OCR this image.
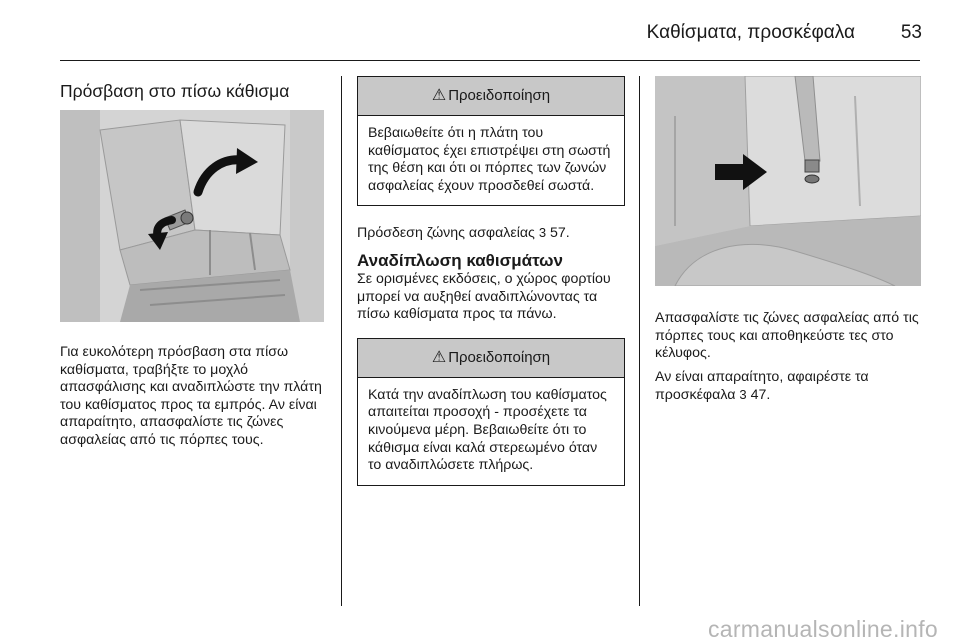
Καθίσματα, προσκέφαλα 53
Πρόσβαση στο πίσω κάθισμα

Για ευκολότερη πρόσβαση στα πίσω καθίσματα, τραβήξτε το μοχλό απασφάλισης και αναδιπλώστε την πλάτη του καθίσματος προς τα εμπρός. Αν είναι απαραίτητο, απασφαλίστε τις ζώνες ασφαλείας από τις πόρπες τους.

⚠ Προειδοποίηση
Βεβαιωθείτε ότι η πλάτη του καθίσματος έχει επιστρέψει στη σωστή της θέση και ότι οι πόρπες των ζωνών ασφαλείας έχουν προσδεθεί σωστά.

Πρόσδεση ζώνης ασφαλείας 3 57.

Αναδίπλωση καθισμάτων

Σε ορισμένες εκδόσεις, ο χώρος φορτίου μπορεί να αυξηθεί αναδιπλώνοντας τα πίσω καθίσματα προς τα πάνω.

⚠ Προειδοποίηση
Κατά την αναδίπλωση του καθίσματος απαιτείται προσοχή - προσέχετε τα κινούμενα μέρη. Βεβαιωθείτε ότι το κάθισμα είναι καλά στερεωμένο όταν το αναδιπλώσετε πλήρως.

Απασφαλίστε τις ζώνες ασφαλείας από τις πόρπες τους και αποθηκεύστε τες στο κέλυφος.

Αν είναι απαραίτητο, αφαιρέστε τα προσκέφαλα 3 47.

carmanualsonline.info
